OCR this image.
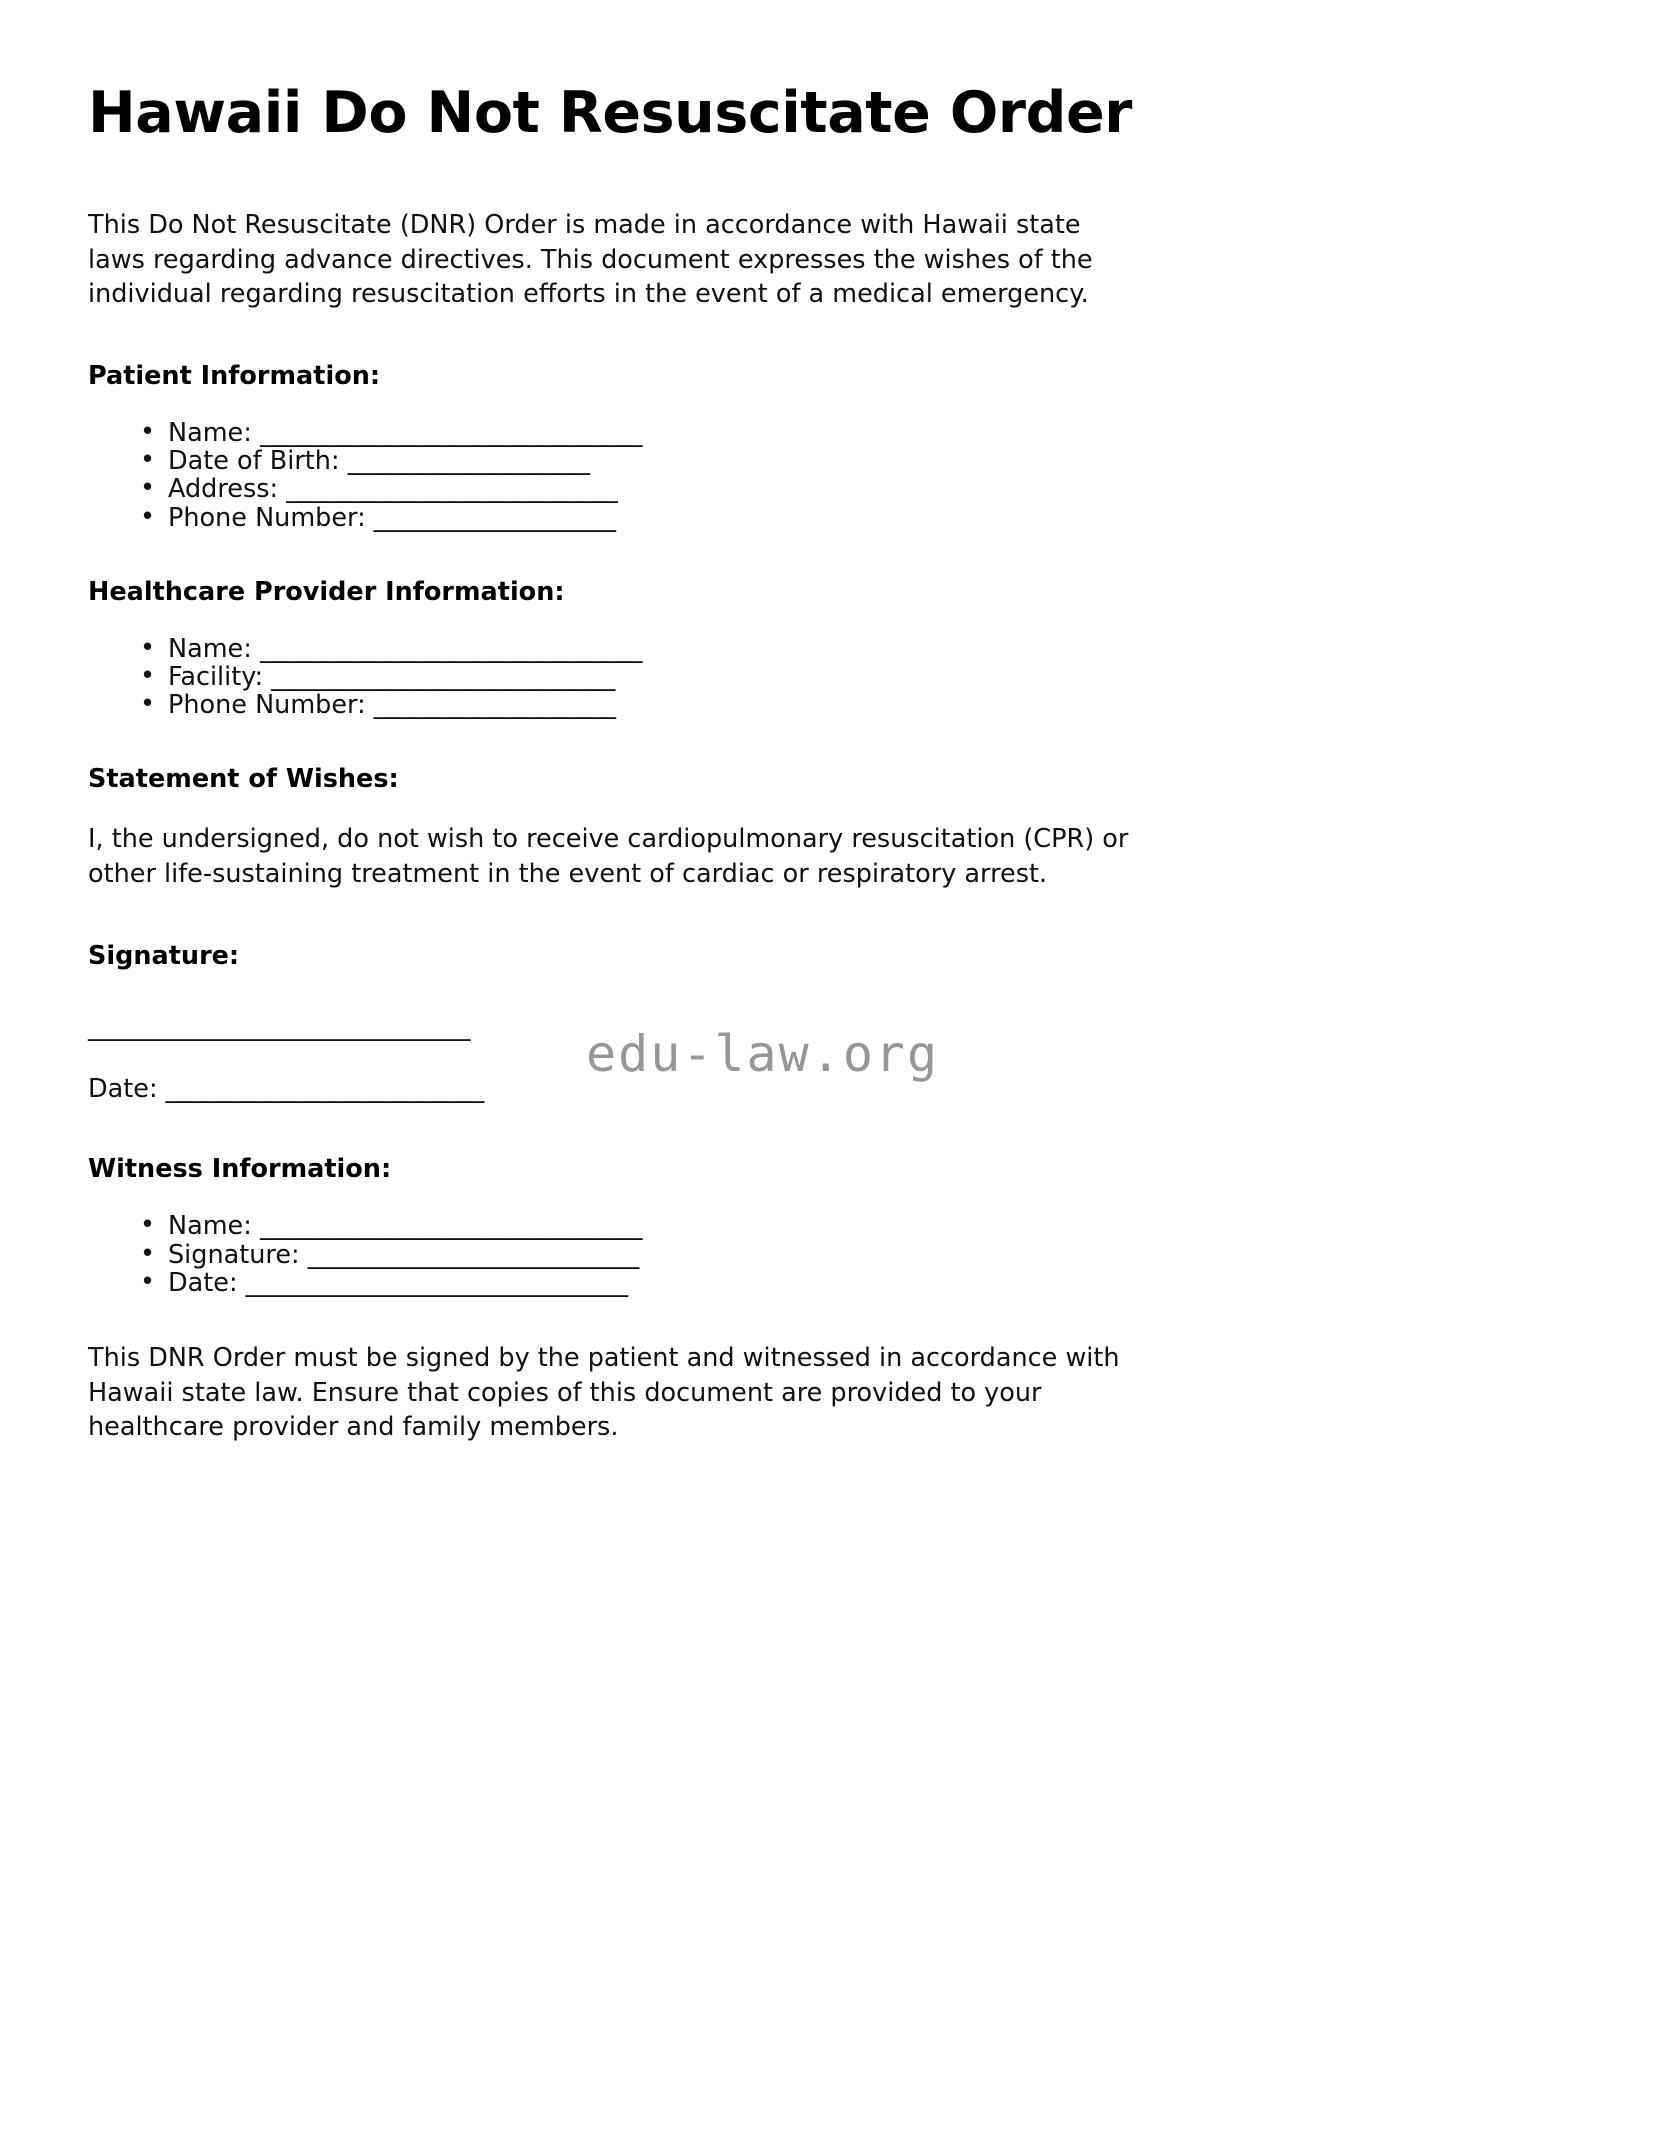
Hawaii Do Not Resuscitate Order

This Do Not Resuscitate (DNR) Order is made in accordance with Hawaii state laws regarding advance directives. This document expresses the wishes of the individual regarding resuscitation efforts in the event of a medical emergency.

Patient Information:
• Name: ______________________________
• Date of Birth: ___________________
• Address: __________________________
• Phone Number: ___________________
Healthcare Provider Information:
• Name: ______________________________
• Facility: ___________________________
• Phone Number: ___________________
Statement of Wishes:

I, the undersigned, do not wish to receive cardiopulmonary resuscitation (CPR) or other life-sustaining treatment in the event of cardiac or respiratory arrest.

Signature:
______________________________
Date: _________________________
Witness Information:
• Name: ______________________________
• Signature: __________________________
• Date: ______________________________

This DNR Order must be signed by the patient and witnessed in accordance with Hawaii state law. Ensure that copies of this document are provided to your healthcare provider and family members.

edu-law.org
